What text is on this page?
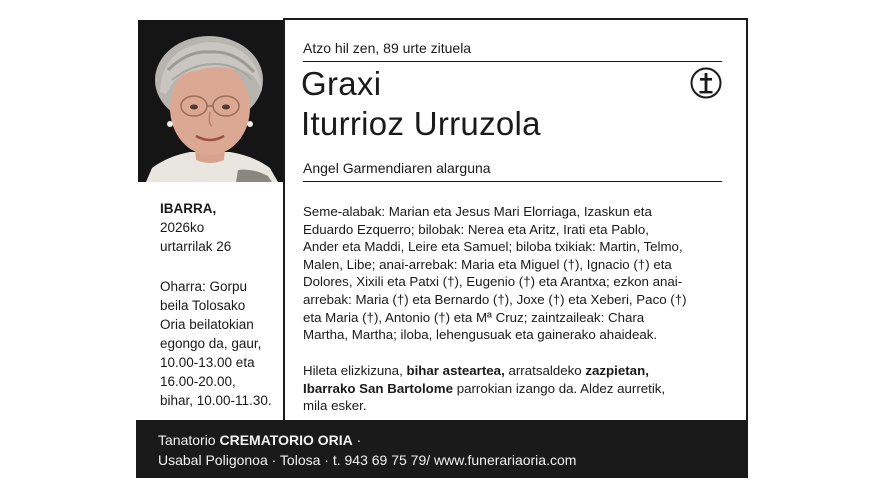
IBARRA,
2026ko
urtarrilak 26
Oharra: Gorpu
beila Tolosako
Oria beilatokian
egongo da, gaur,
10.00-13.00 eta
16.00-20.00,
bihar, 10.00-11.30.
Atzo hil zen, 89 urte zituela
Graxi
Iturrioz Urruzola
Angel Garmendiaren alarguna
Seme-alabak: Marian eta Jesus Mari Elorriaga, Izaskun eta
Eduardo Ezquerro; bilobak: Nerea eta Aritz, Irati eta Pablo,
Ander eta Maddi, Leire eta Samuel; biloba txikiak: Martin, Telmo,
Malen, Libe; anai-arrebak: Maria eta Miguel (†), Ignacio (†) eta
Dolores, Xixili eta Patxi (†), Eugenio (†) eta Arantxa; ezkon anai-
arrebak: Maria (†) eta Bernardo (†), Joxe (†) eta Xeberi, Paco (†)
eta Maria (†), Antonio (†) eta Mª Cruz; zaintzaileak: Chara
Martha, Martha; iloba, lehengusuak eta gainerako ahaideak.
Hileta elizkizuna, bihar asteartea, arratsaldeko zazpietan,
Ibarrako San Bartolome parrokian izango da. Aldez aurretik,
mila esker.
Tanatorio CREMATORIO ORIA ·
Usabal Poligonoa · Tolosa · t. 943 69 75 79/ www.funerariaoria.com
